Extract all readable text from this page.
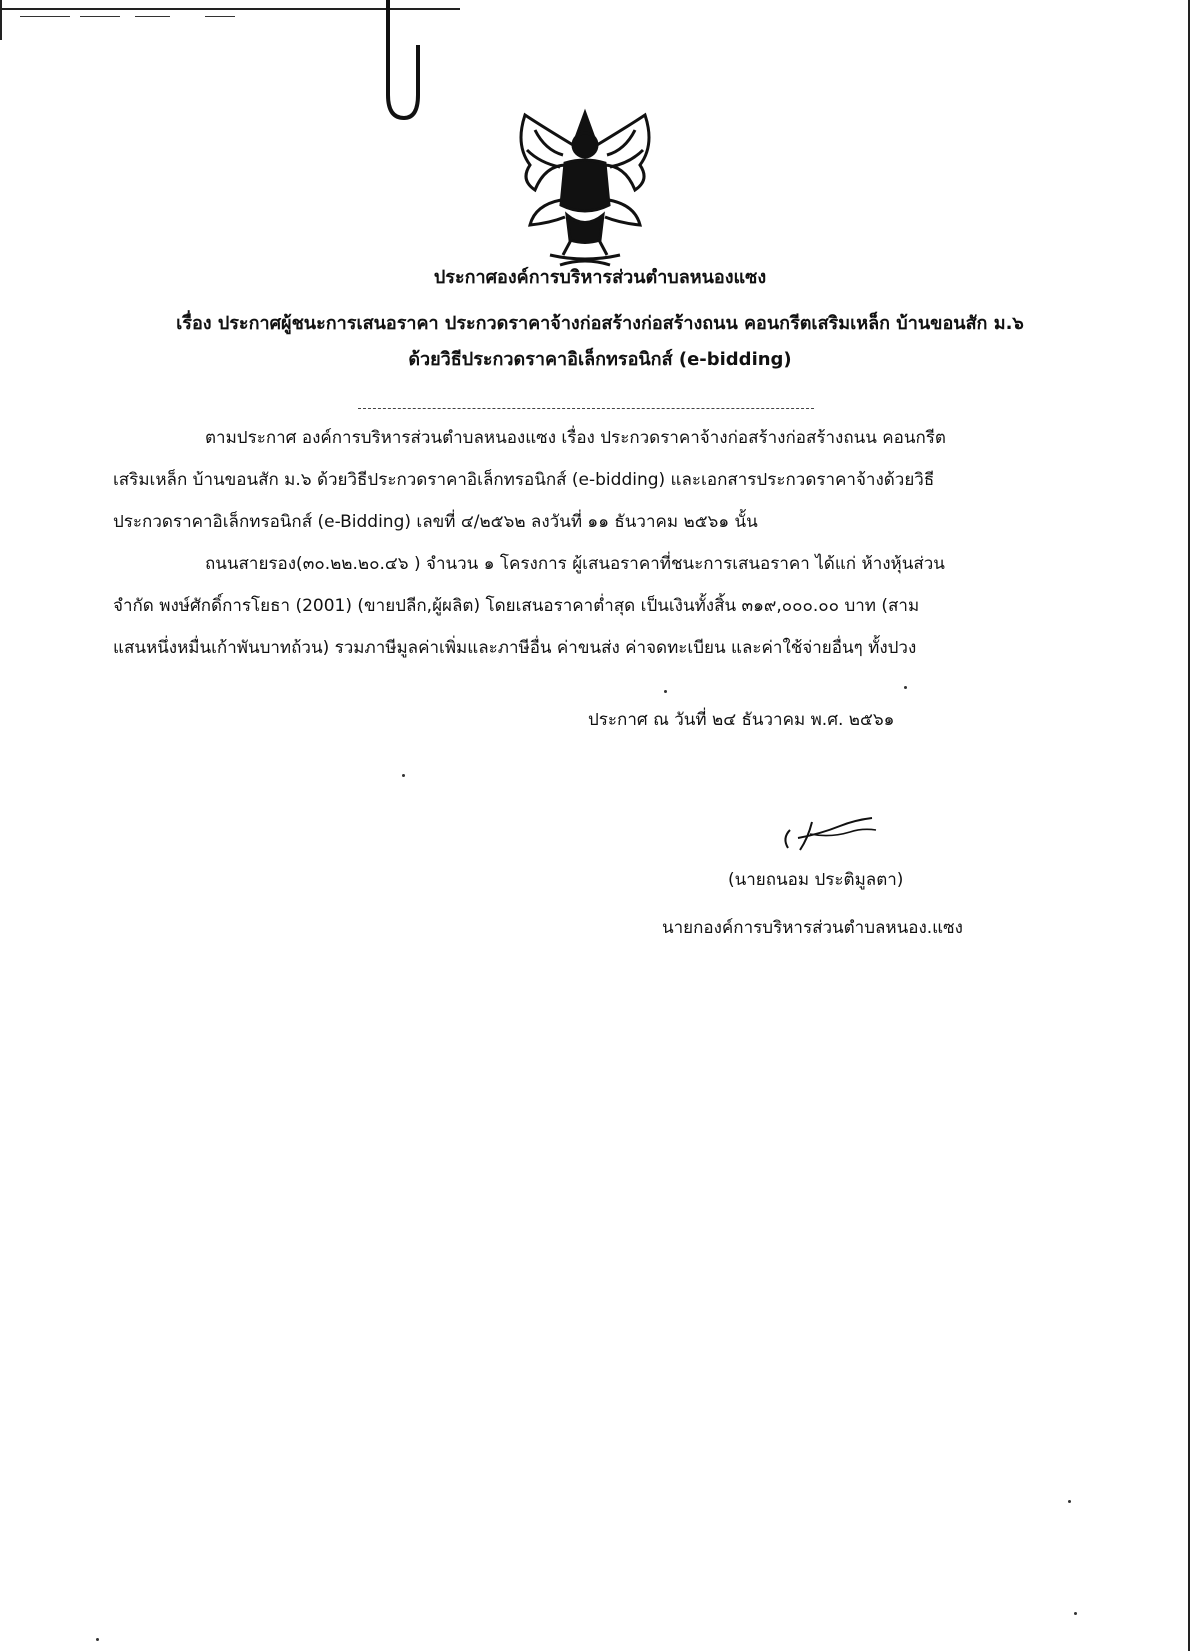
ประกาศองค์การบริหารส่วนตำบลหนองแซง
เรื่อง ประกาศผู้ชนะการเสนอราคา ประกวดราคาจ้างก่อสร้างก่อสร้างถนน คอนกรีตเสริมเหล็ก บ้านขอนสัก ม.๖
ด้วยวิธีประกวดราคาอิเล็กทรอนิกส์ (e-bidding)
ตามประกาศ องค์การบริหารส่วนตำบลหนองแซง เรื่อง ประกวดราคาจ้างก่อสร้างก่อสร้างถนน คอนกรีต
เสริมเหล็ก บ้านขอนสัก ม.๖ ด้วยวิธีประกวดราคาอิเล็กทรอนิกส์ (e-bidding) และเอกสารประกวดราคาจ้างด้วยวิธี
ประกวดราคาอิเล็กทรอนิกส์ (e-Bidding) เลขที่ ๔/๒๕๖๒ ลงวันที่ ๑๑ ธันวาคม ๒๕๖๑ นั้น
ถนนสายรอง(๓๐.๒๒.๒๐.๔๖ ) จำนวน ๑ โครงการ ผู้เสนอราคาที่ชนะการเสนอราคา ได้แก่ ห้างหุ้นส่วน
จำกัด พงษ์ศักดิ์การโยธา (2001) (ขายปลีก,ผู้ผลิต) โดยเสนอราคาต่ำสุด เป็นเงินทั้งสิ้น ๓๑๙,๐๐๐.๐๐ บาท (สาม
แสนหนึ่งหมื่นเก้าพันบาทถ้วน) รวมภาษีมูลค่าเพิ่มและภาษีอื่น ค่าขนส่ง ค่าจดทะเบียน และค่าใช้จ่ายอื่นๆ ทั้งปวง
ประกาศ ณ วันที่ ๒๔ ธันวาคม พ.ศ. ๒๕๖๑
(นายถนอม ประติมูลตา)
นายกองค์การบริหารส่วนตำบลหนอง.แซง
